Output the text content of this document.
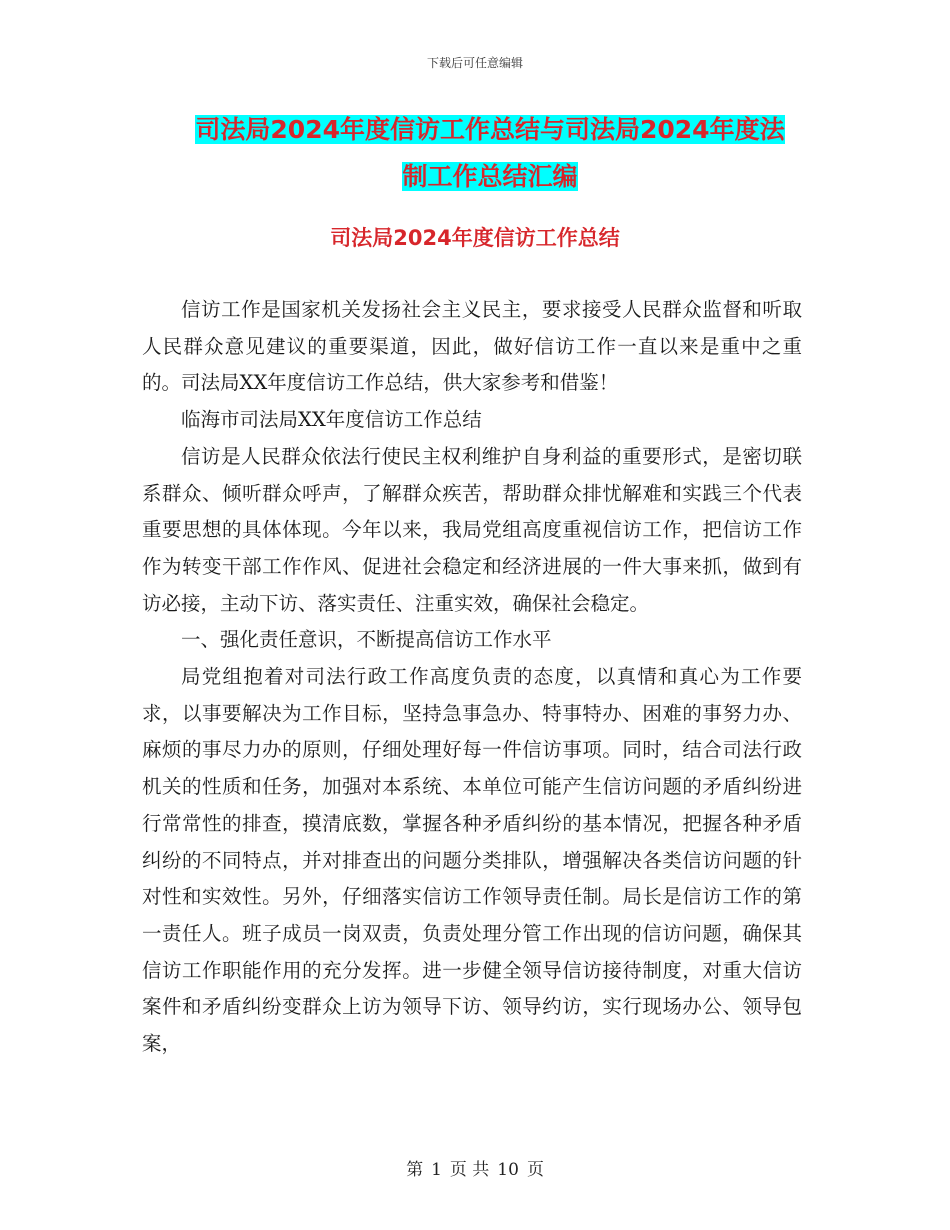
下载后可任意编辑
司法局2024年度信访工作总结与司法局2024年度法
制工作总结汇编
司法局2024年度信访工作总结

信访工作是国家机关发扬社会主义民主，要求接受人民群众监督和听取人民群众意见建议的重要渠道，因此，做好信访工作一直以来是重中之重的。司法局XX年度信访工作总结，供大家参考和借鉴！

临海市司法局XX年度信访工作总结

信访是人民群众依法行使民主权利维护自身利益的重要形式，是密切联系群众、倾听群众呼声，了解群众疾苦，帮助群众排忧解难和实践三个代表重要思想的具体体现。今年以来，我局党组高度重视信访工作，把信访工作作为转变干部工作作风、促进社会稳定和经济进展的一件大事来抓，做到有访必接，主动下访、落实责任、注重实效，确保社会稳定。

一、强化责任意识，不断提高信访工作水平

局党组抱着对司法行政工作高度负责的态度，以真情和真心为工作要求，以事要解决为工作目标，坚持急事急办、特事特办、困难的事努力办、麻烦的事尽力办的原则，仔细处理好每一件信访事项。同时，结合司法行政机关的性质和任务，加强对本系统、本单位可能产生信访问题的矛盾纠纷进行常常性的排查，摸清底数，掌握各种矛盾纠纷的基本情况，把握各种矛盾纠纷的不同特点，并对排查出的问题分类排队，增强解决各类信访问题的针对性和实效性。另外，仔细落实信访工作领导责任制。局长是信访工作的第一责任人。班子成员一岗双责，负责处理分管工作出现的信访问题，确保其信访工作职能作用的充分发挥。进一步健全领导信访接待制度，对重大信访案件和矛盾纠纷变群众上访为领导下访、领导约访，实行现场办公、领导包案，

第 1 页 共 10 页
